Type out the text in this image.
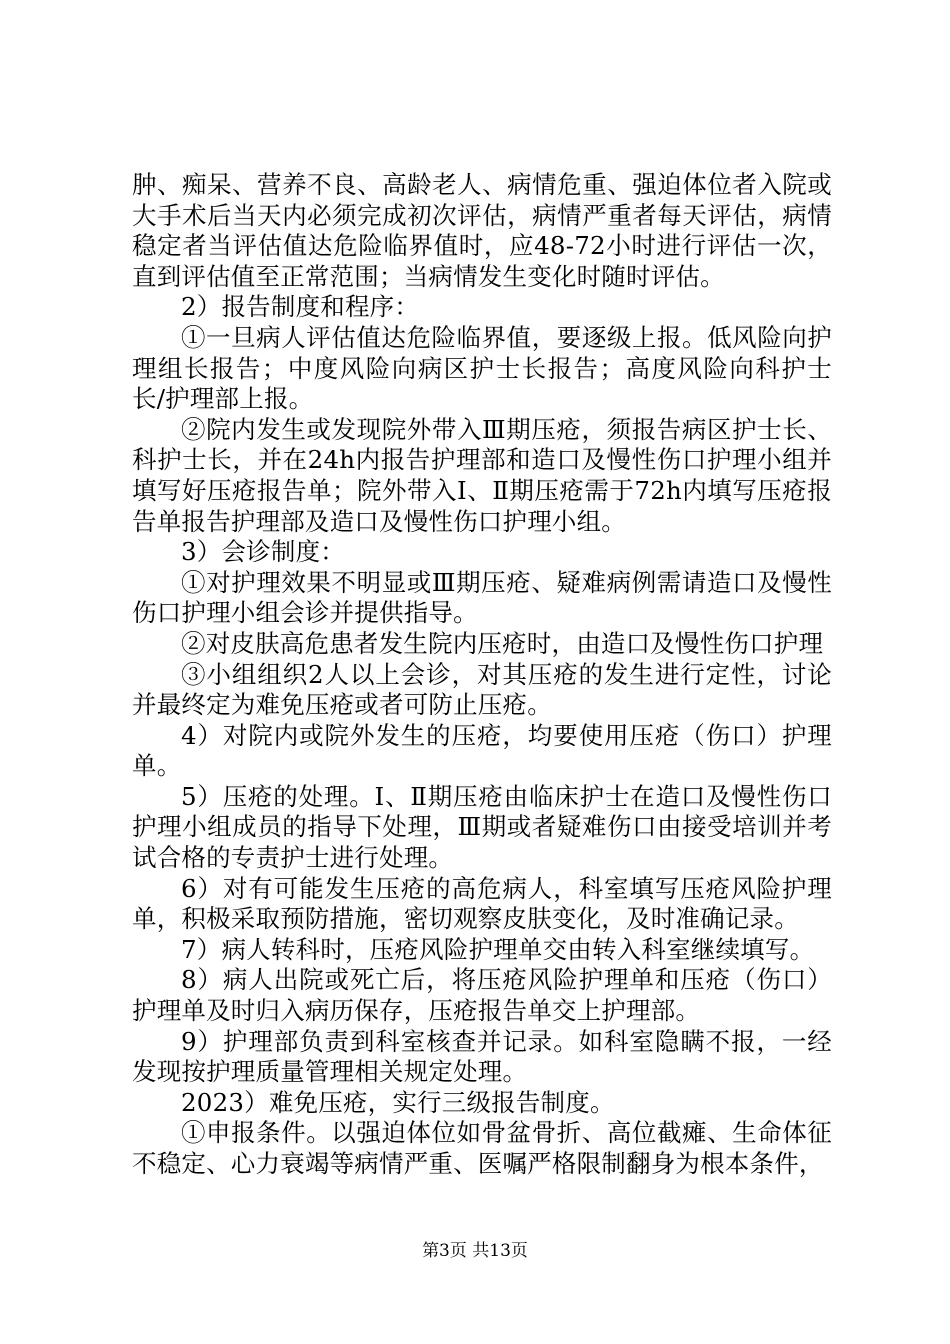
肿、痴呆、营养不良、高龄老人、病情危重、强迫体位者入院或大手术后当天内必须完成初次评估，病情严重者每天评估，病情稳定者当评估值达危险临界值时，应48-72小时进行评估一次，直到评估值至正常范围；当病情发生变化时随时评估。

2）报告制度和程序：

①一旦病人评估值达危险临界值，要逐级上报。低风险向护理组长报告；中度风险向病区护士长报告；高度风险向科护士长/护理部上报。

②院内发生或发现院外带入Ⅲ期压疮，须报告病区护士长、科护士长，并在24h内报告护理部和造口及慢性伤口护理小组并填写好压疮报告单；院外带入Ⅰ、Ⅱ期压疮需于72h内填写压疮报告单报告护理部及造口及慢性伤口护理小组。

3）会诊制度：

①对护理效果不明显或Ⅲ期压疮、疑难病例需请造口及慢性伤口护理小组会诊并提供指导。

②对皮肤高危患者发生院内压疮时，由造口及慢性伤口护理

③小组组织2人以上会诊，对其压疮的发生进行定性，讨论并最终定为难免压疮或者可防止压疮。

4）对院内或院外发生的压疮，均要使用压疮（伤口）护理单。

5）压疮的处理。Ⅰ、Ⅱ期压疮由临床护士在造口及慢性伤口护理小组成员的指导下处理，Ⅲ期或者疑难伤口由接受培训并考试合格的专责护士进行处理。

6）对有可能发生压疮的高危病人，科室填写压疮风险护理单，积极采取预防措施，密切观察皮肤变化，及时准确记录。

7）病人转科时，压疮风险护理单交由转入科室继续填写。

8）病人出院或死亡后，将压疮风险护理单和压疮（伤口）护理单及时归入病历保存，压疮报告单交上护理部。

9）护理部负责到科室核查并记录。如科室隐瞒不报，一经发现按护理质量管理相关规定处理。

2023）难免压疮，实行三级报告制度。

①申报条件。以强迫体位如骨盆骨折、高位截瘫、生命体征不稳定、心力衰竭等病情严重、医嘱严格限制翻身为根本条件，

第3页 共13页
